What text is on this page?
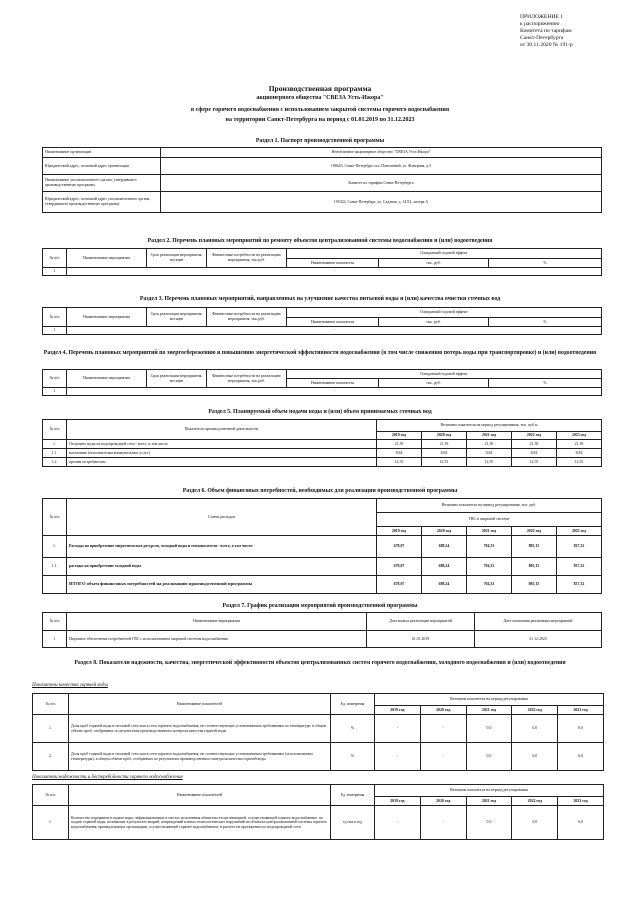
ПРИЛОЖЕНИЕ 1
к распоряжению
Комитета по тарифам
Санкт-Петербурга
от 30.11.2020 № 191-р
Производственная программа
акционерного общества "СВЕЗА Усть-Ижора"
в сфере горячего водоснабжения с использованием закрытой системы горячего водоснабжения
на территории Санкт-Петербурга на период с 01.01.2019 по 31.12.2023
Раздел 1. Паспорт производственной программы
Наименование организации	Непубличное акционерное общество "СВЕЗА Усть-Ижора"
Юридический адрес, почтовый адрес организации	196643, Санкт-Петербург, пос.Понтонный, ул. Фанерная, д.5
Наименование уполномоченного органа, утвердившего производственную программу	Комитет по тарифам Санкт-Петербурга
Юридический адрес, почтовый адрес уполномоченного органа, утвердившего производственную программу	191023, Санкт-Петербург, ул. Садовая, д. 14/52, литера А
Раздел 2. Перечень плановых мероприятий по ремонту объектов централизованной системы водоснабжения и (или) водоотведения
№ п/п	Наименование мероприятия	Срок реализации мероприятия, месяцев	Финансовые потребности на реализацию мероприятия, тыс.руб.	Ожидаемый годовой эффект		
				Наименование показателя	тыс. руб.	%
1	-					
Раздел 3. Перечень плановых мероприятий, направленных на улучшение качества питьевой воды и (или) качества очистки сточных вод
№ п/п	Наименование мероприятия	Срок реализации мероприятия, месяцев	Финансовые потребности на реализацию мероприятия, тыс.руб.	Ожидаемый годовой эффект		
				Наименование показателя	тыс. руб.	%
1	-					
Раздел 4. Перечень плановых мероприятий по энергосбережению и повышению энергетической эффективности водоснабжения (в том числе снижению потерь воды при транспортировке) и (или) водоотведения
№ п/п	Наименование мероприятия	Срок реализации мероприятия, месяцев	Финансовые потребности на реализацию мероприятия, тыс.руб.	Ожидаемый годовой эффект		
				Наименование показателя	тыс. руб.	%
1	-					
Раздел 5. Планируемый объем подачи воды и (или) объем принимаемых сточных вод
№ п/п	Показатели производственной деятельности	Величина показателя на период регулирования, тыс. куб.м				
		2019 год	2020 год	2021 год	2022 год	2023 год
1.	Отпущено воды из водопроводной сети - всего, в том числе	21,39	21,39	21,39	21,39	21,39
1.1.	населению (исполнителям коммунальных услуг)	8,84	8,84	8,84	8,84	8,84
1.2.	прочим потребителям	12,55	12,55	12,55	12,55	12,55
Раздел 6. Объем финансовых потребностей, необходимых для реализации производственной программы
№ п/п	Статьи расходов	Величина показателя на период регулирования, тыс. руб.				
		ГВС в закрытой системе				
		2019 год	2020 год	2021 год	2022 год	2023 год
1.	Расходы на приобретение энергетических ресурсов, холодной воды и теплоносителя - всего, в том числе:	678,07	688,24	704,33	805,15	837,32
1.1.	расходы на приобретение холодной воды	678,07	688,24	704,33	805,15	837,32
	ИТОГО объем финансовых потребностей на реализацию производственной программы	678,07	688,24	704,33	805,15	837,32
Раздел 7. График реализации мероприятий производственной программы
№ п/п	Наименование мероприятия	Дата начала реализации мероприятий	Дата окончания реализации мероприятий
1	Надежное обеспечение потребителей ГВС с использованием закрытой системы водоснабжения	01.01.2019	31.12.2023
Раздел 8. Показатели надежности, качества, энергетической эффективности объектов централизованных систем горячего водоснабжения, холодного водоснабжения и (или) водоотведения
Показатели качества горячей воды
№ п/п	Наименование показателей	Ед. измерения	Величина показателя на период регулирования				
			2019 год	2020 год	2021 год	2022 год	2023 год
1.	Доля проб горячей воды в тепловой сети или в сети горячего водоснабжения, не соответствующих установленным требованиям по температуре, в общем объеме проб, отобранных по результатам производственного контроля качества горячей воды	%	-	-	0,0	0,0	0,0
2.	Доля проб горячей воды в тепловой сети или в сети горячего водоснабжения, не соответствующих установленным требованиям (за исключением температуры), в общем объеме проб, отобранных по результатам производственного контроля качества горячей воды	%	-	-	0,0	0,0	0,0
Показатели надежности и бесперебойности горячего водоснабжения
№ п/п	Наименование показателей	Ед. измерения	Величина показателя на период регулирования				
			2019 год	2020 год	2021 год	2022 год	2023 год
1.	Количество перерывов в подаче воды, зафиксированных в местах исполнения обязательств организацией, осуществляющей горячее водоснабжение, по подаче горячей воды, возникших в результате аварий, повреждений и иных технологических нарушений на объектах централизованной системы горячего водоснабжения, принадлежащих организации, осуществляющей горячее водоснабжение, в расчете на протяженность водопроводной сети	ед./км в год	-	-	0,0	0,0	0,0
